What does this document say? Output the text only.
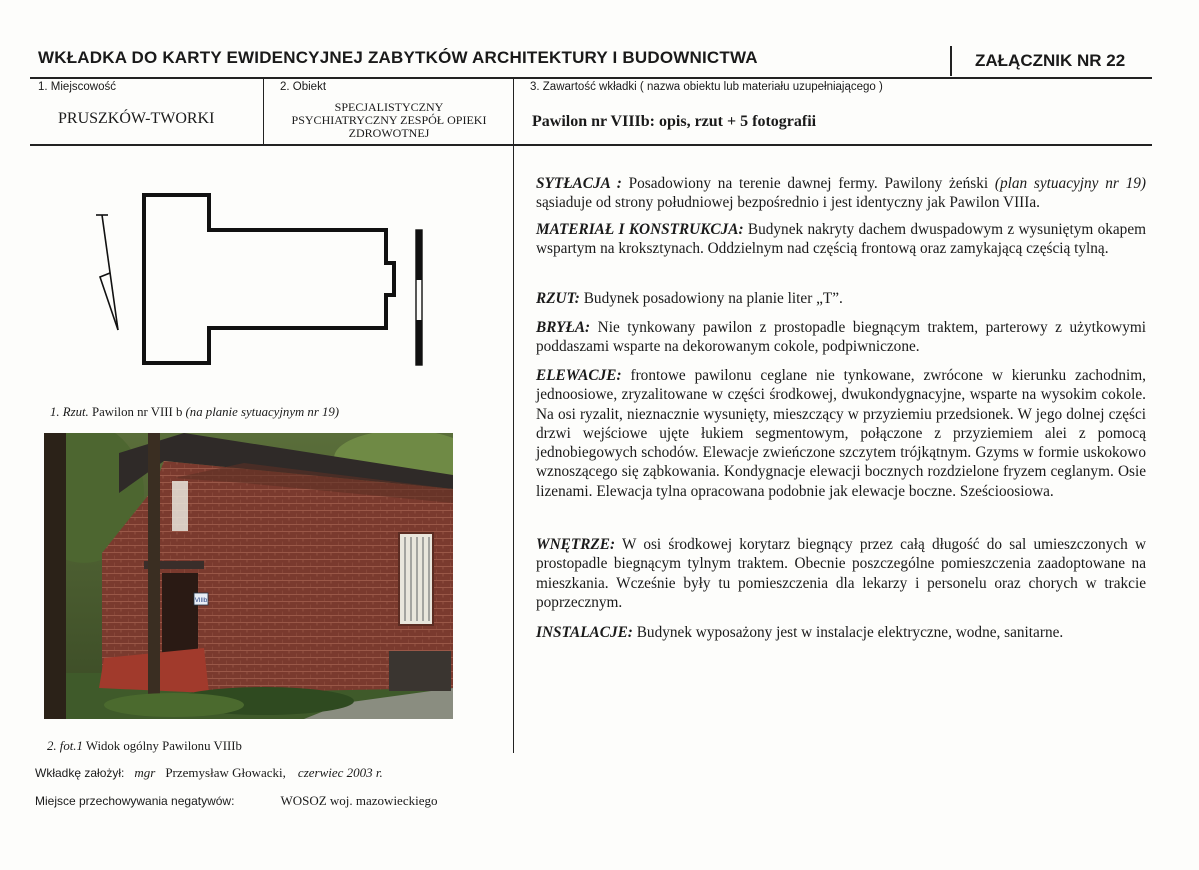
WKŁADKA DO KARTY EWIDENCYJNEJ ZABYTKÓW ARCHITEKTURY I BUDOWNICTWA	ZAŁĄCZNIK NR 22
1. Miejscowość
PRUSZKÓW-TWORKI
2. Obiekt
SPECJALISTYCZNY
PSYCHIATRYCZNY ZESPÓŁ OPIEKI
ZDROWOTNEJ
3. Zawartość wkładki ( nazwa obiektu lub materiału uzupełniającego )
Pawilon nr VIIIb: opis, rzut + 5 fotografii
1. Rzut. Pawilon nr VIII b (na planie sytuacyjnym nr 19)
VIIIb
2. fot.1 Widok ogólny Pawilonu VIIIb
Wkładkę założył: mgr Przemysław Głowacki, czerwiec 2003 r.
Miejsce przechowywania negatywów:	WOSOZ woj. mazowieckiego
SYTŁACJA : Posadowiony na terenie dawnej fermy. Pawilony żeński (plan sytuacyjny nr 19) sąsiaduje od strony południowej bezpośrednio i jest identyczny jak Pawilon VIIIa.
MATERIAŁ I KONSTRUKCJA: Budynek nakryty dachem dwuspadowym z wysuniętym okapem wspartym na kroksztynach. Oddzielnym nad częścią frontową oraz zamykającą częścią tylną.
RZUT: Budynek posadowiony na planie liter „T”.
BRYŁA: Nie tynkowany pawilon z prostopadle biegnącym traktem, parterowy z użytkowymi poddaszami wsparte na dekorowanym cokole, podpiwniczone.
ELEWACJE: frontowe pawilonu ceglane nie tynkowane, zwrócone w kierunku zachodnim, jednoosiowe, zryzalitowane w części środkowej, dwukondygnacyjne, wsparte na wysokim cokole. Na osi ryzalit, nieznacznie wysunięty, mieszczący w przyziemiu przedsionek. W jego dolnej części drzwi wejściowe ujęte łukiem segmentowym, połączone z przyziemiem alei z pomocą jednobiegowych schodów. Elewacje zwieńczone szczytem trójkątnym. Gzyms w formie uskokowo wznoszącego się ząbkowania. Kondygnacje elewacji bocznych rozdzielone fryzem ceglanym. Osie lizenami. Elewacja tylna opracowana podobnie jak elewacje boczne. Sześcioosiowa.
WNĘTRZE: W osi środkowej korytarz biegnący przez całą długość do sal umieszczonych w prostopadle biegnącym tylnym traktem. Obecnie poszczególne pomieszczenia zaadoptowane na mieszkania. Wcześnie były tu pomieszczenia dla lekarzy i personelu oraz chorych w trakcie poprzecznym.
INSTALACJE: Budynek wyposażony jest w instalacje elektryczne, wodne, sanitarne.
